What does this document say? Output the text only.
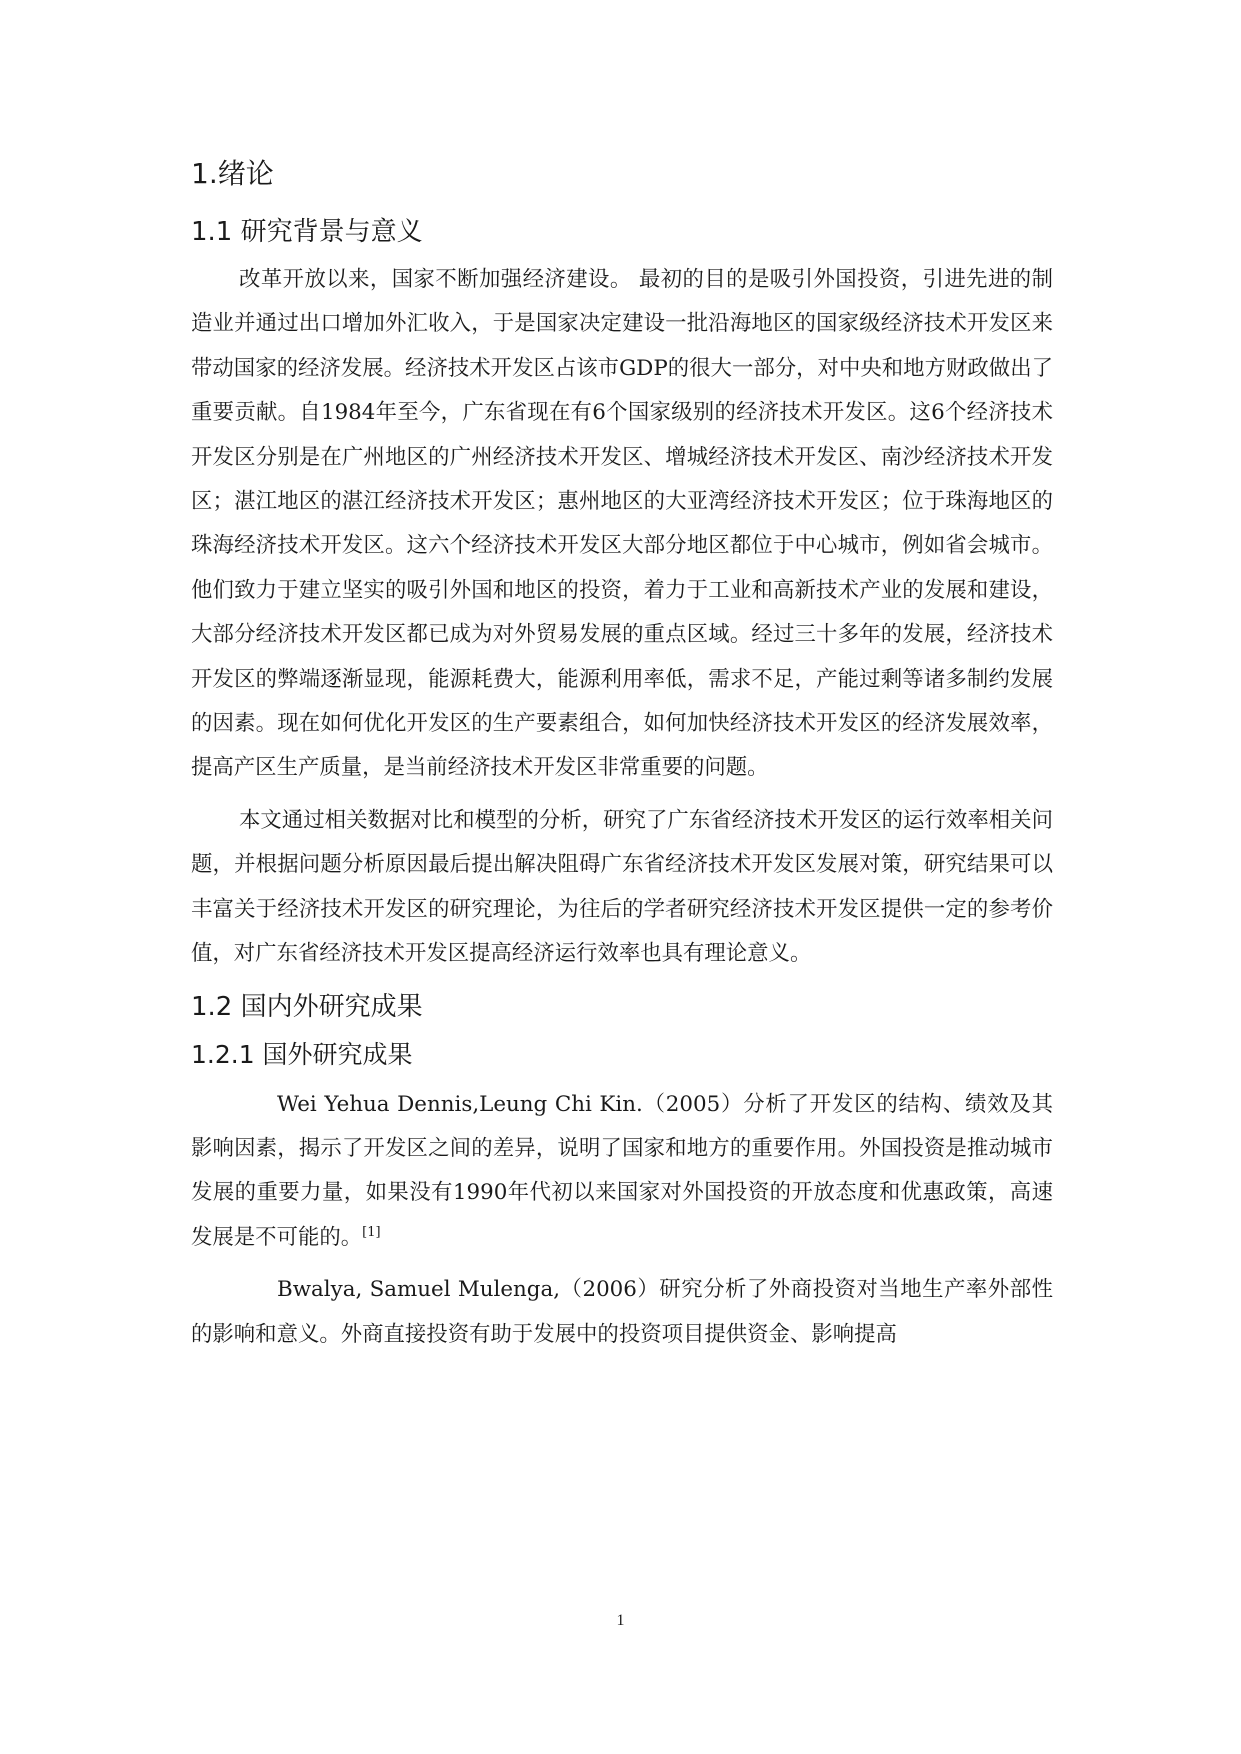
1.绪论
1.1 研究背景与意义

改革开放以来，国家不断加强经济建设。 最初的目的是吸引外国投资，引进先进的制造业并通过出口增加外汇收入，于是国家决定建设一批沿海地区的国家级经济技术开发区来带动国家的经济发展。经济技术开发区占该市GDP的很大一部分，对中央和地方财政做出了重要贡献。自1984年至今，广东省现在有6个国家级别的经济技术开发区。这6个经济技术开发区分别是在广州地区的广州经济技术开发区、增城经济技术开发区、南沙经济技术开发区；湛江地区的湛江经济技术开发区；惠州地区的大亚湾经济技术开发区；位于珠海地区的珠海经济技术开发区。这六个经济技术开发区大部分地区都位于中心城市，例如省会城市。他们致力于建立坚实的吸引外国和地区的投资，着力于工业和高新技术产业的发展和建设，大部分经济技术开发区都已成为对外贸易发展的重点区域。经过三十多年的发展，经济技术开发区的弊端逐渐显现，能源耗费大，能源利用率低，需求不足，产能过剩等诸多制约发展的因素。现在如何优化开发区的生产要素组合，如何加快经济技术开发区的经济发展效率，提高产区生产质量，是当前经济技术开发区非常重要的问题。

本文通过相关数据对比和模型的分析，研究了广东省经济技术开发区的运行效率相关问题，并根据问题分析原因最后提出解决阻碍广东省经济技术开发区发展对策，研究结果可以丰富关于经济技术开发区的研究理论，为往后的学者研究经济技术开发区提供一定的参考价值，对广东省经济技术开发区提高经济运行效率也具有理论意义。

1.2 国内外研究成果
1.2.1 国外研究成果

Wei Yehua Dennis,Leung Chi Kin.（2005）分析了开发区的结构、绩效及其影响因素，揭示了开发区之间的差异，说明了国家和地方的重要作用。外国投资是推动城市发展的重要力量，如果没有1990年代初以来国家对外国投资的开放态度和优惠政策，高速发展是不可能的。[1]

Bwalya, Samuel Mulenga,（2006）研究分析了外商投资对当地生产率外部性的影响和意义。外商直接投资有助于发展中的投资项目提供资金、影响提高

1
